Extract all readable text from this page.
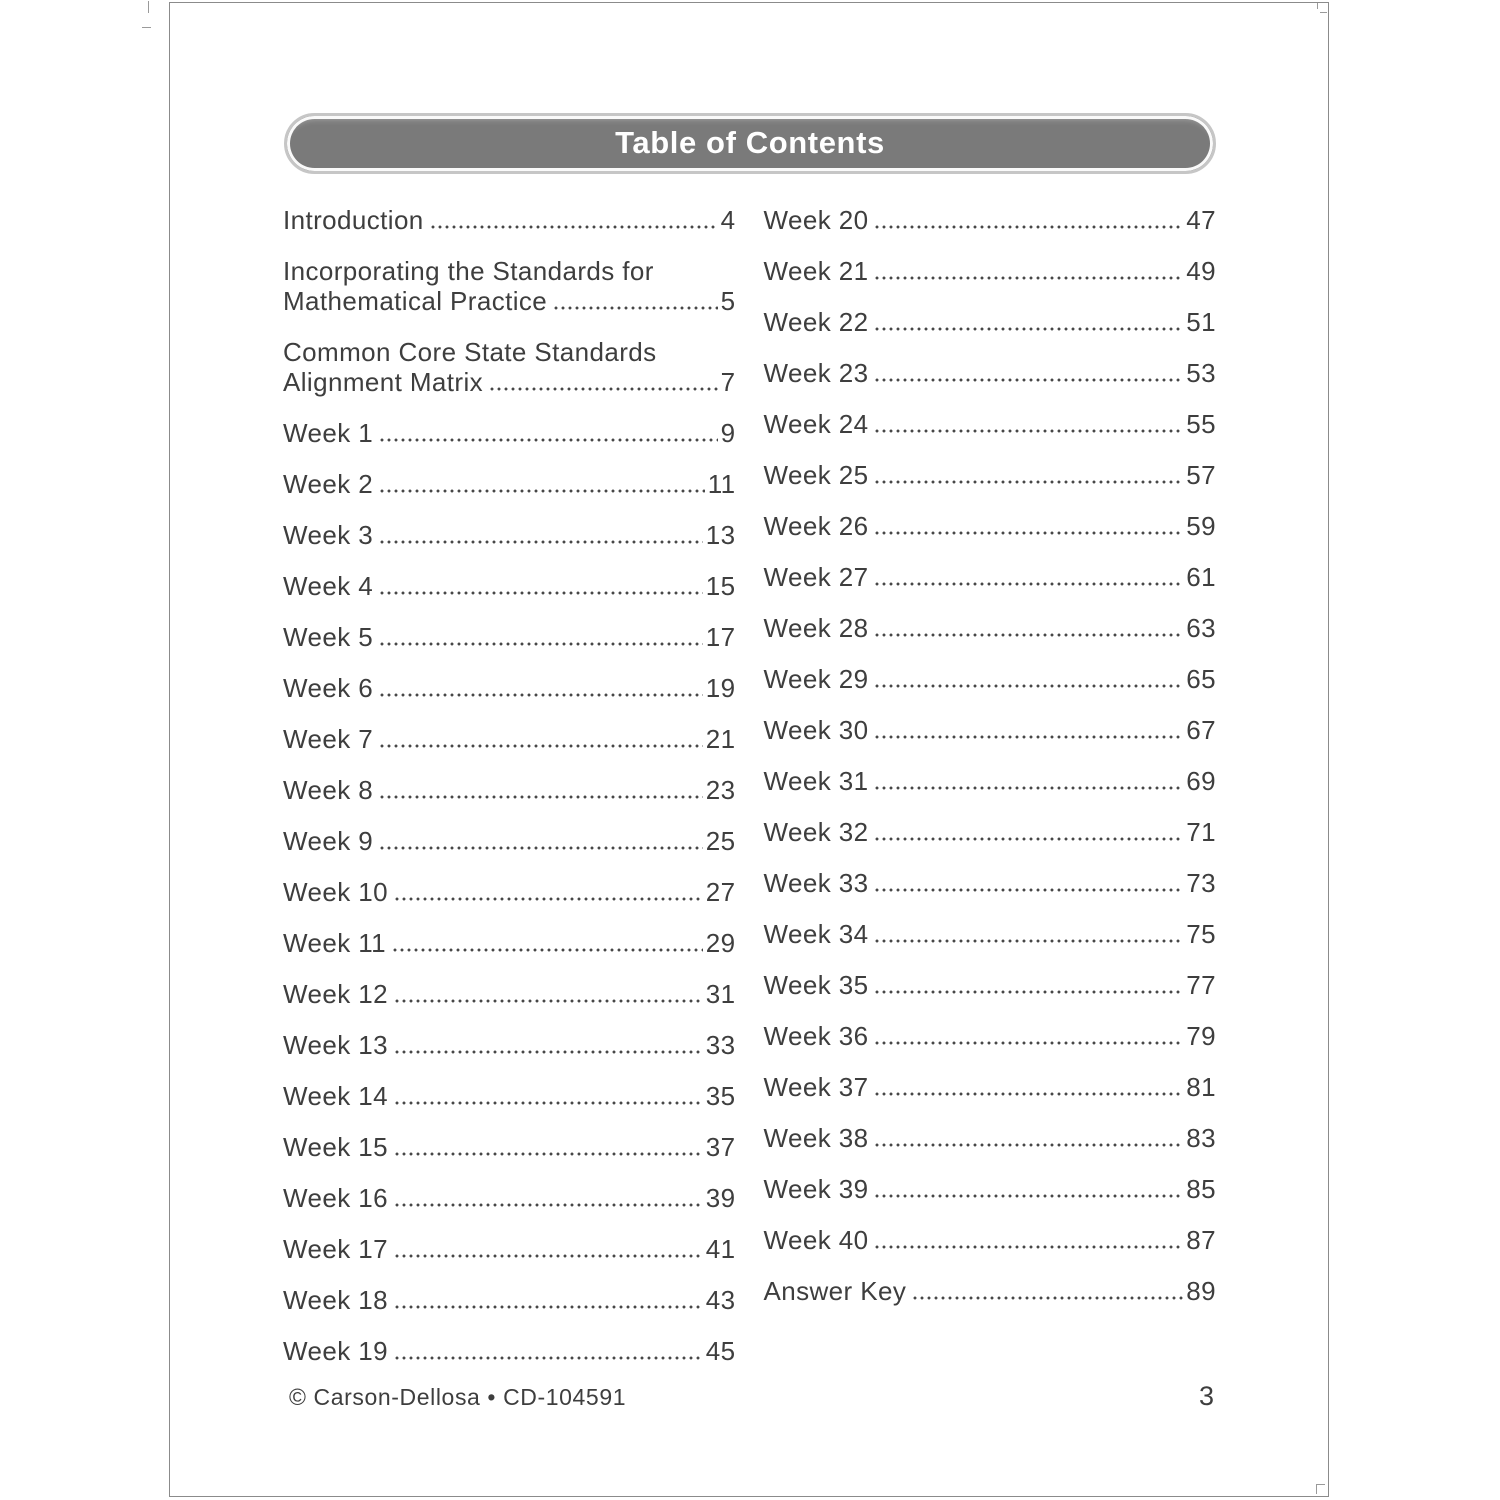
Table of Contents
Introduction	4
Incorporating the Standards for
Mathematical Practice	5
Common Core State Standards
Alignment Matrix	7
Week 1	9
Week 2	11
Week 3	13
Week 4	15
Week 5	17
Week 6	19
Week 7	21
Week 8	23
Week 9	25
Week 10	27
Week 11	29
Week 12	31
Week 13	33
Week 14	35
Week 15	37
Week 16	39
Week 17	41
Week 18	43
Week 19	45
Week 20	47
Week 21	49
Week 22	51
Week 23	53
Week 24	55
Week 25	57
Week 26	59
Week 27	61
Week 28	63
Week 29	65
Week 30	67
Week 31	69
Week 32	71
Week 33	73
Week 34	75
Week 35	77
Week 36	79
Week 37	81
Week 38	83
Week 39	85
Week 40	87
Answer Key	89
© Carson-Dellosa • CD-104591	3
